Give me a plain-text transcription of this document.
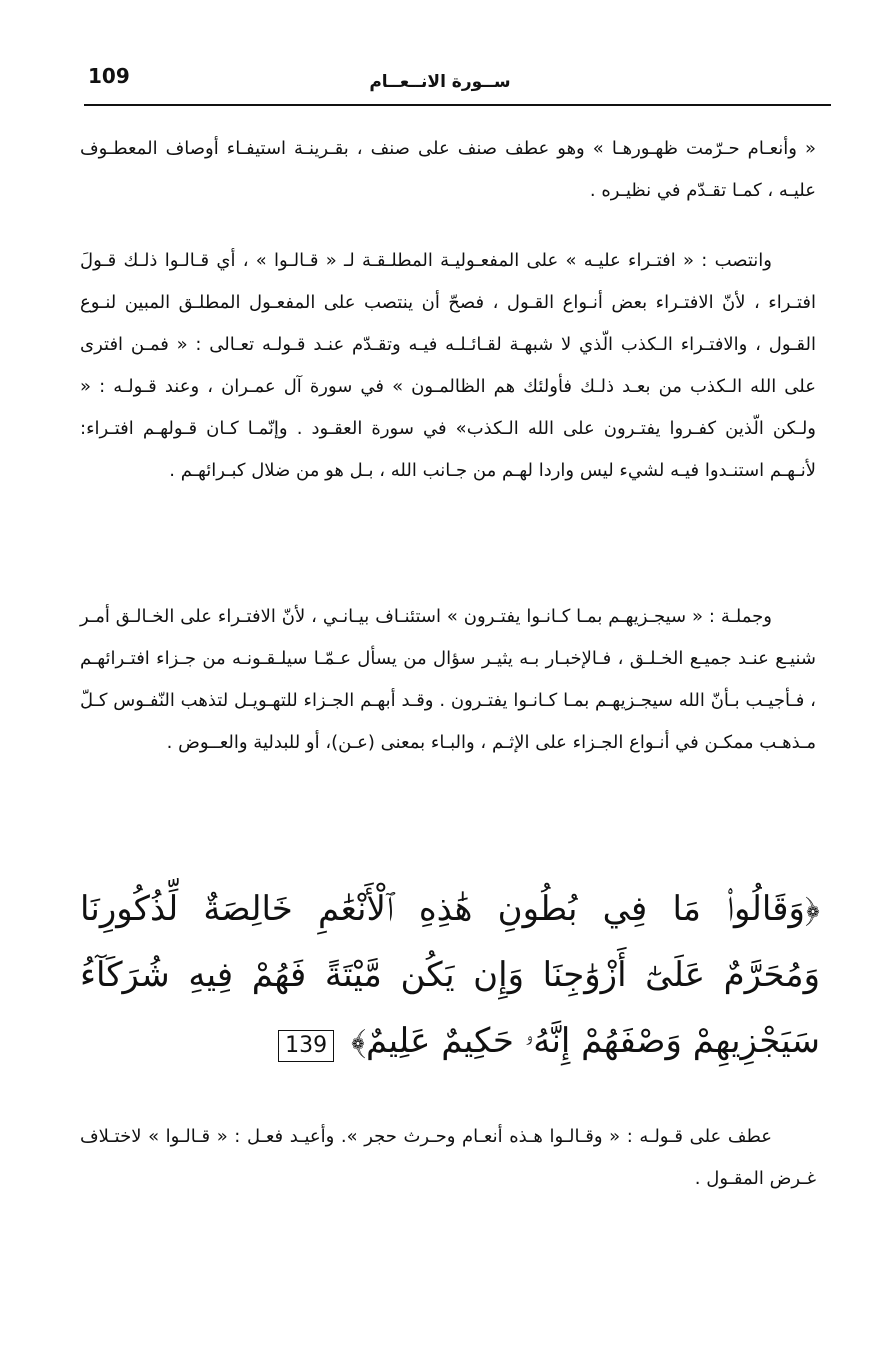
109	ســورة الانــعــام
« وأنعـام حـرّمت ظهـورهـا » وهو عطف صنف على صنف ، بقـرينـة استيفـاء أوصاف المعطـوف عليـه ، كمـا تقـدّم في نظيـره .
وانتصب : « افتـراء عليـه » على المفعـوليـة المطلـقـة لـ « قـالـوا » ، أي قـالـوا ذلـك قـولَ افتـراء ، لأنّ الافتـراء بعض أنـواع القـول ، فصحّ أن ينتصب على المفعـول المطلـق المبين لنـوع القـول ، والافتـراء الـكذب الّذي لا شبهـة لقـائـلـه فيـه وتقـدّم عنـد قـولـه تعـالى : « فمـن افترى على الله الـكذب من بعـد ذلـك فأولئك هم الظالمـون » في سورة آل عمـران ، وعند قـولـه : « ولـكن الّذين كفـروا يفتـرون على الله الـكذب» في سورة العقـود . وإنّمـا كـان قـولهـم افتـراء: لأنـهـم استنـدوا فيـه لشيء ليس واردا لهـم من جـانب الله ، بـل هو من ضلال كبـرائهـم .
وجملـة : « سيجـزيهـم بمـا كـانـوا يفتـرون » استئنـاف بيـانـي ، لأنّ الافتـراء على الخـالـق أمـر شنيـع عنـد جميـع الخـلـق ، فـالإخبـار بـه يثيـر سؤال من يسأل عـمّـا سيلـقـونـه من جـزاء افتـرائهـم ، فـأجيـب بـأنّ الله سيجـزيهـم بمـا كـانـوا يفتـرون . وقـد أبهـم الجـزاء للتهـويـل لتذهب النّفـوس كـلّ مـذهـب ممكـن في أنـواع الجـزاء على الإثـم ، والبـاء بمعنى (عـن)، أو للبدلية والعــوض .
﴿وَقَالُوا۟ مَا فِي بُطُونِ هَٰذِهِ ٱلْأَنْعَٰمِ خَالِصَةٌ لِّذُكُورِنَا وَمُحَرَّمٌ عَلَىٰٓ أَزْوَٰجِنَا وَإِن يَكُن مَّيْتَةً فَهُمْ فِيهِ شُرَكَآءُ سَيَجْزِيهِمْ وَصْفَهُمْ إِنَّهُۥ حَكِيمٌ عَلِيمٌ﴾ 139
عطف على قـولـه : « وقـالـوا هـذه أنعـام وحـرث حجر ». وأعيـد فعـل : « قـالـوا » لاختـلاف غـرض المقـول .
